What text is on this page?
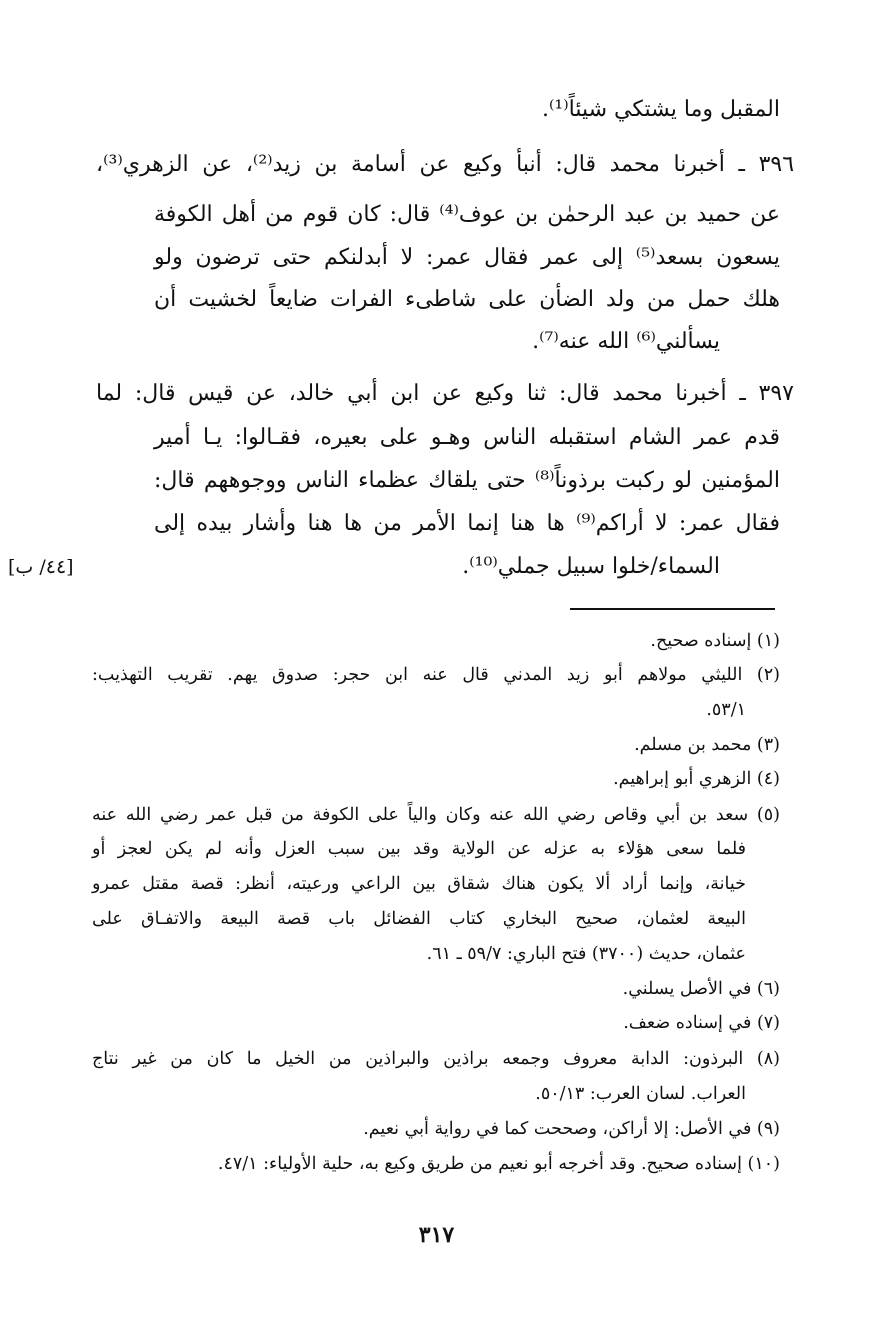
المقبل وما يشتكي شيئاً⁽¹⁾.
٣٩٦ ـ أخبرنا محمد قال: أنبأ وكيع عن أسامة بن زيد⁽²⁾، عن الزهري⁽³⁾،
عن حميد بن عبد الرحمٰن بن عوف⁽⁴⁾ قال: كان قوم من أهل الكوفة
يسعون بسعد⁽⁵⁾ إلى عمر فقال عمر: لا أبدلنكم حتى ترضون ولو
هلك حمل من ولد الضأن على شاطىء الفرات ضايعاً لخشيت أن
يسألني⁽⁶⁾ الله عنه⁽⁷⁾.
٣٩٧ ـ أخبرنا محمد قال: ثنا وكيع عن ابن أبي خالد، عن قيس قال: لما
قدم عمر الشام استقبله الناس وهـو على بعيره، فقـالوا: يـا أمير
المؤمنين لو ركبت برذوناً⁽⁸⁾ حتى يلقاك عظماء الناس ووجوههم قال:
فقال عمر: لا أراكم⁽⁹⁾ ها هنا إنما الأمر من ها هنا وأشار بيده إلى
السماء/خلوا سبيل جملي⁽¹⁰⁾.
[٤٤/ ب]
(١) إسناده صحيح.
(٢) الليثي مولاهم أبو زيد المدني قال عنه ابن حجر: صدوق يهم. تقريب التهذيب:
٥٣/١.
(٣) محمد بن مسلم.
(٤) الزهري أبو إبراهيم.
(٥) سعد بن أبي وقاص رضي الله عنه وكان والياً على الكوفة من قبل عمر رضي الله عنه
فلما سعى هؤلاء به عزله عن الولاية وقد بين سبب العزل وأنه لم يكن لعجز أو
خيانة، وإنما أراد ألا يكون هناك شقاق بين الراعي ورعيته، أنظر: قصة مقتل عمرو
البيعة لعثمان، صحيح البخاري كتاب الفضائل باب قصة البيعة والاتفـاق على
عثمان، حديث (٣٧٠٠) فتح الباري: ٥٩/٧ ـ ٦١.
(٦) في الأصل يسلني.
(٧) في إسناده ضعف.
(٨) البرذون: الدابة معروف وجمعه براذين والبراذين من الخيل ما كان من غير نتاج
العراب. لسان العرب: ٥٠/١٣.
(٩) في الأصل: إلا أراكن، وصححت كما في رواية أبي نعيم.
(١٠) إسناده صحيح. وقد أخرجه أبو نعيم من طريق وكيع به، حلية الأولياء: ٤٧/١.
٣١٧
